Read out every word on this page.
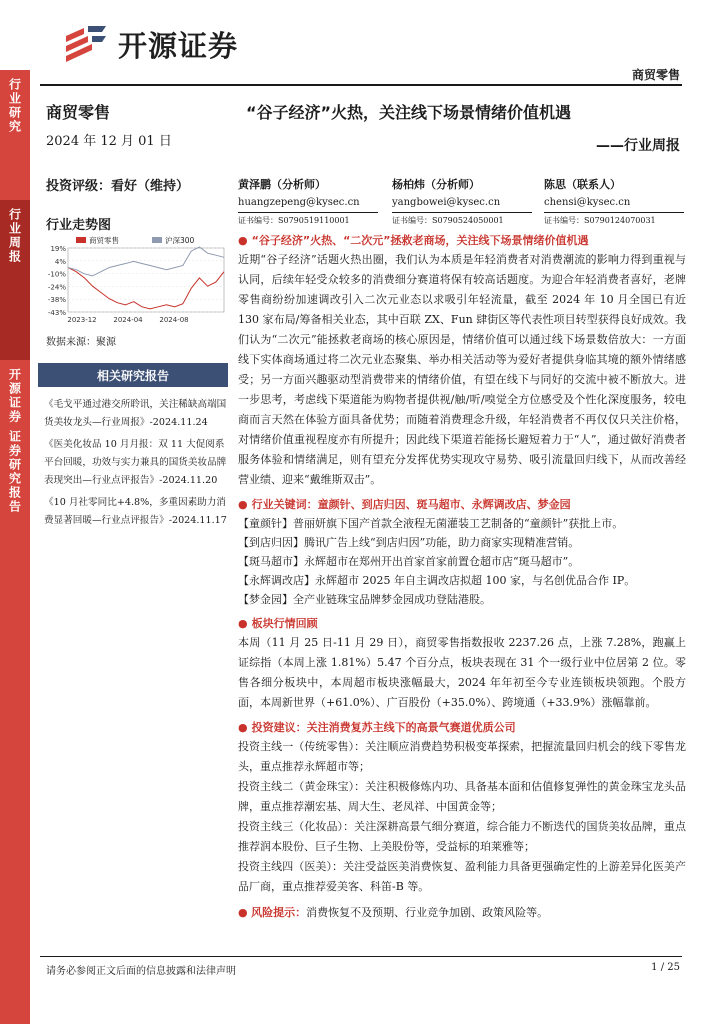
开源证券
商贸零售
行业研究
行业周报
开源证券 证券研究报告
商贸零售
2024 年 12 月 01 日
投资评级：看好（维持）
行业走势图
19%
4%
-10%
-24%
-38%
-43%
2023-12 2024-04 2024-08
商贸零售	沪深300
数据来源：聚源
相关研究报告
《毛戈平通过港交所聆讯，关注稀缺高端国货美妆龙头—行业周报》-2024.11.24
《医美化妆品 10 月月报：双 11 大促阅系平台回暖，功效与实力兼具的国货美妆品牌表现突出—行业点评报告》-2024.11.20
《10 月社零同比+4.8%，多重因素助力消费显著回暖—行业点评报告》-2024.11.17
“谷子经济”火热，关注线下场景情绪价值机遇
——行业周报
黄泽鹏（分析师）
huangzepeng@kysec.cn
证书编号：S0790519110001
杨柏炜（分析师）
yangbowei@kysec.cn
证书编号：S0790524050001
陈思（联系人）
chensi@kysec.cn
证书编号：S0790124070031
● “谷子经济”火热、“二次元”拯救老商场，关注线下场景情绪价值机遇
近期“谷子经济”话题火热出圈，我们认为本质是年轻消费者对消费潮流的影响力得到重视与认同，后续年轻受众较多的消费细分赛道将保有较高话题度。为迎合年轻消费者喜好，老牌零售商纷纷加速调改引入二次元业态以求吸引年轻流量，截至 2024 年 10 月全国已有近 130 家布局/筹备相关业态，其中百联 ZX、Fun 肆街区等代表性项目转型获得良好成效。我们认为“二次元”能拯救老商场的核心原因是，情绪价值可以通过线下场景数倍放大：一方面线下实体商场通过将二次元业态聚集、举办相关活动等为爱好者提供身临其境的额外情绪感受；另一方面兴趣驱动型消费带来的情绪价值，有望在线下与同好的交流中被不断放大。进一步思考，考虑线下渠道能为购物者提供视/触/听/嗅觉全方位感受及个性化深度服务，较电商而言天然在体验方面具备优势；而随着消费理念升级，年轻消费者不再仅仅只关注价格，对情绪价值重视程度亦有所提升；因此线下渠道若能扬长避短着力于“人”，通过做好消费者服务体验和情绪满足，则有望充分发挥优势实现攻守易势、吸引流量回归线下，从而改善经营业绩、迎来“戴维斯双击”。
● 行业关键词：童颜针、到店归因、斑马超市、永辉调改店、梦金园
【童颜针】普丽妍旗下国产首款全液程无菌灌装工艺制备的“童颜针”获批上市。
【到店归因】腾讯广告上线“到店归因”功能，助力商家实现精准营销。
【斑马超市】永辉超市在郑州开出首家首家前置仓超市店“斑马超市”。
【永辉调改店】永辉超市 2025 年自主调改店拟超 100 家，与名创优品合作 IP。
【梦金园】全产业链珠宝品牌梦金园成功登陆港股。
● 板块行情回顾
本周（11 月 25 日-11 月 29 日），商贸零售指数报收 2237.26 点，上涨 7.28%，跑赢上证综指（本周上涨 1.81%）5.47 个百分点，板块表现在 31 个一级行业中位居第 2 位。零售各细分板块中，本周超市板块涨幅最大，2024 年年初至今专业连锁板块领跑。个股方面，本周新世界（+61.0%）、广百股份（+35.0%）、跨境通（+33.9%）涨幅靠前。
● 投资建议：关注消费复苏主线下的高景气赛道优质公司
投资主线一（传统零售）：关注顺应消费趋势积极变革探索，把握流量回归机会的线下零售龙头，重点推荐永辉超市等；
投资主线二（黄金珠宝）：关注积极修炼内功、具备基本面和估值修复弹性的黄金珠宝龙头品牌，重点推荐潮宏基、周大生、老凤祥、中国黄金等；
投资主线三（化妆品）：关注深耕高景气细分赛道，综合能力不断迭代的国货美妆品牌，重点推荐润本股份、巨子生物、上美股份等，受益标的珀莱雅等；
投资主线四（医美）：关注受益医美消费恢复、盈利能力具备更强确定性的上游差异化医美产品厂商，重点推荐爱美客、科笛-B 等。
● 风险提示：消费恢复不及预期、行业竞争加剧、政策风险等。
请务必参阅正文后面的信息披露和法律声明	1 / 25
